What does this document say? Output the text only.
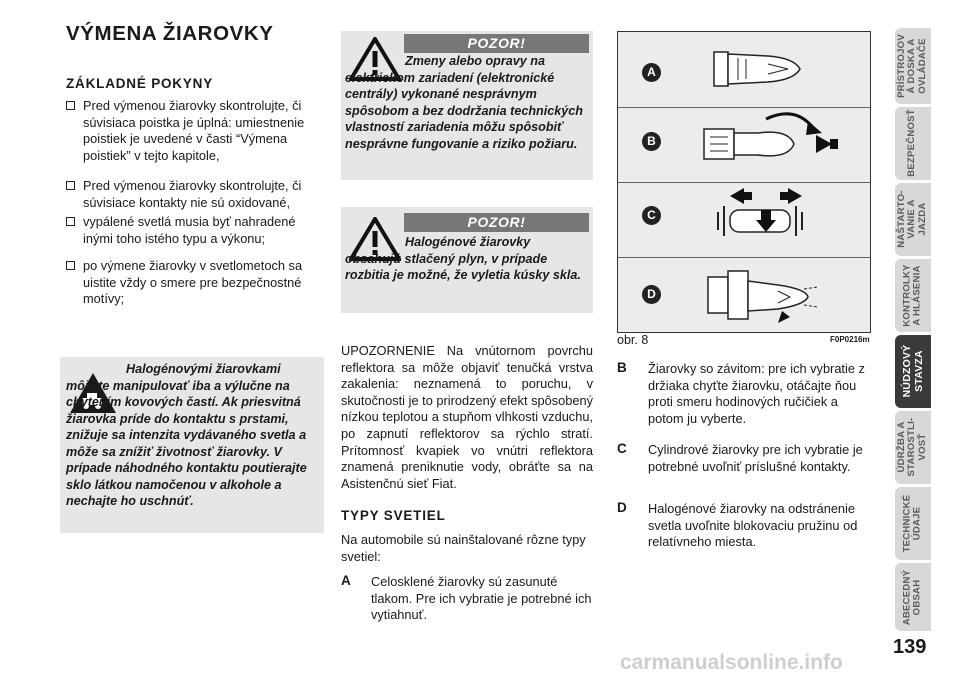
VÝMENA ŽIAROVKY
ZÁKLADNÉ POKYNY
Pred výmenou žiarovky skontrolujte, či súvisiaca poistka je úplná: umiestnenie poistiek je uvedené v časti “Výmena poistiek” v tejto kapitole,
Pred výmenou žiarovky skontrolujte, či súvisiace kontakty nie sú oxidované,
vypálené svetlá musia byť nahradené inými toho istého typu a výkonu;
po výmene žiarovky v svetlometoch sa uistite vždy o smere pre bezpečnostné motívy;
Halogénovými žiarovkami môžete manipulovať iba a výlučne na chytením kovových častí. Ak priesvitná žiarovka príde do kontaktu s prstami, znižuje sa intenzita vydávaného svetla a môže sa znížiť životnosť žiarovky. V prípade náhodného kontaktu poutierajte sklo látkou namočenou v alkohole a nechajte ho uschnúť.
POZOR!
Zmeny alebo opravy na elektrickom zariadení (elektronické centrály) vykonané nesprávnym spôsobom a bez dodržania technických vlastností zariadenia môžu spôsobiť nesprávne fungovanie a riziko požiaru.
POZOR!
Halogénové žiarovky obsahujú stlačený plyn, v prípade rozbitia je možné, že vyletia kúsky skla.
UPOZORNENIE Na vnútornom povrchu reflektora sa môže objaviť tenučká vrstva zakalenia: neznamená to poruchu, v skutočnosti je to prirodzený efekt spôsobený nízkou teplotou a stupňom vlhkosti vzduchu, po zapnutí reflektorov sa rýchlo stratí. Prítomnosť kvapiek vo vnútri reflektora znamená preniknutie vody, obráťte sa na Asistenčnú sieť Fiat.
TYPY SVETIEL
Na automobile sú nainštalované rôzne typy svetiel:
A Celosklené žiarovky sú zasunuté tlakom. Pre ich vybratie je potrebné ich vytiahnuť.
A
B
C
D
obr. 8	F0P0216m
B Žiarovky so závitom: pre ich vybratie z držiaka chyťte žiarovku, otáčajte ňou proti smeru hodinových ručičiek a potom ju vyberte.
C Cylindrové žiarovky pre ich vybratie je potrebné uvoľniť príslušné kontakty.
D Halogénové žiarovky na odstránenie svetla uvoľnite blokovaciu pružinu od relatívneho miesta.
PRÍSTROJOV
Á DOSKA A
OVLÁDAČE
BEZPEČNOSŤ
NAŠTARTO-
VANIE A
JAZDA
KONTROLKY
A HLÁSENIA
NÚDZOVÝ
STAVZA
ÚDRŽBA A
STAROSTLI-
VOSŤ
TECHNICKÉ
ÚDAJE
ABECEDNÝ
OBSAH
139
carmanualsonline.info
